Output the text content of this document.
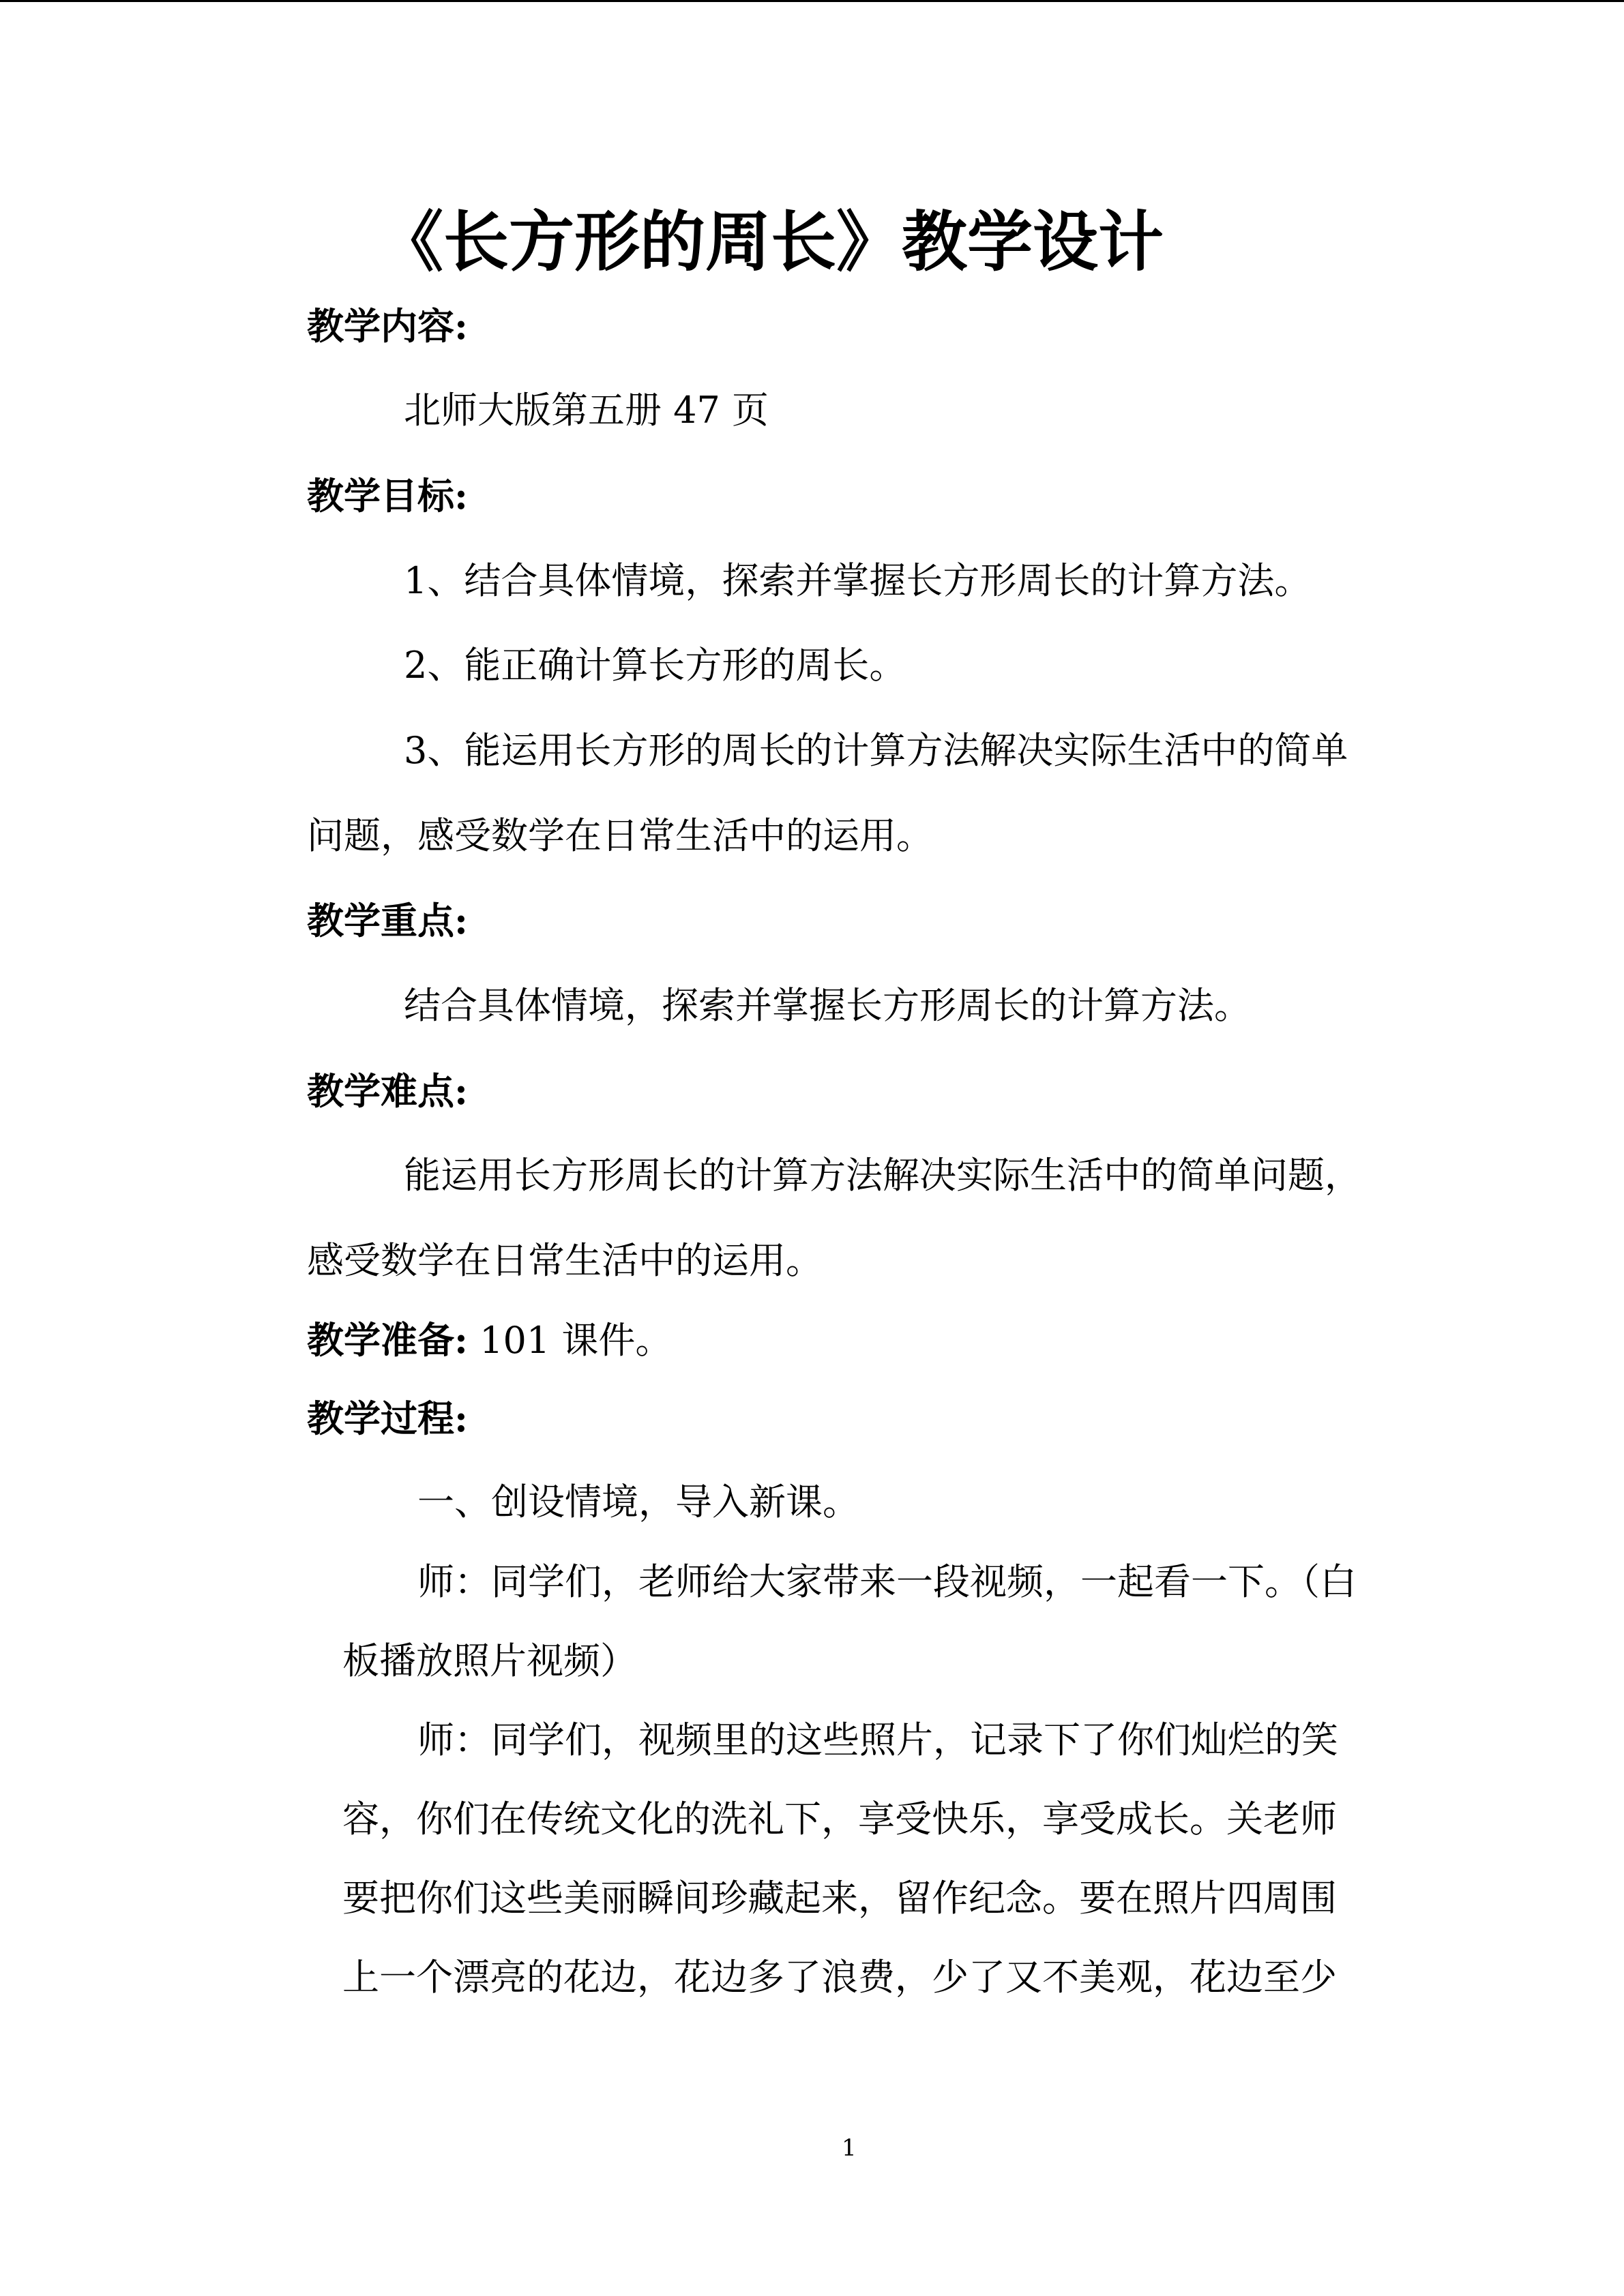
《长方形的周长》教学设计
教学内容:
北师大版第五册 47 页
教学目标:
1、结合具体情境，探索并掌握长方形周长的计算方法。
2、能正确计算长方形的周长。
3、能运用长方形的周长的计算方法解决实际生活中的简单
问题，感受数学在日常生活中的运用。
教学重点:
结合具体情境，探索并掌握长方形周长的计算方法。
教学难点:
能运用长方形周长的计算方法解决实际生活中的简单问题，
感受数学在日常生活中的运用。
教学准备: 101 课件。
教学过程:
一、创设情境，导入新课。
师：同学们，老师给大家带来一段视频，一起看一下。（白
板播放照片视频）
师：同学们，视频里的这些照片，记录下了你们灿烂的笑
容，你们在传统文化的洗礼下，享受快乐，享受成长。关老师
要把你们这些美丽瞬间珍藏起来，留作纪念。要在照片四周围
上一个漂亮的花边，花边多了浪费，少了又不美观，花边至少
1
